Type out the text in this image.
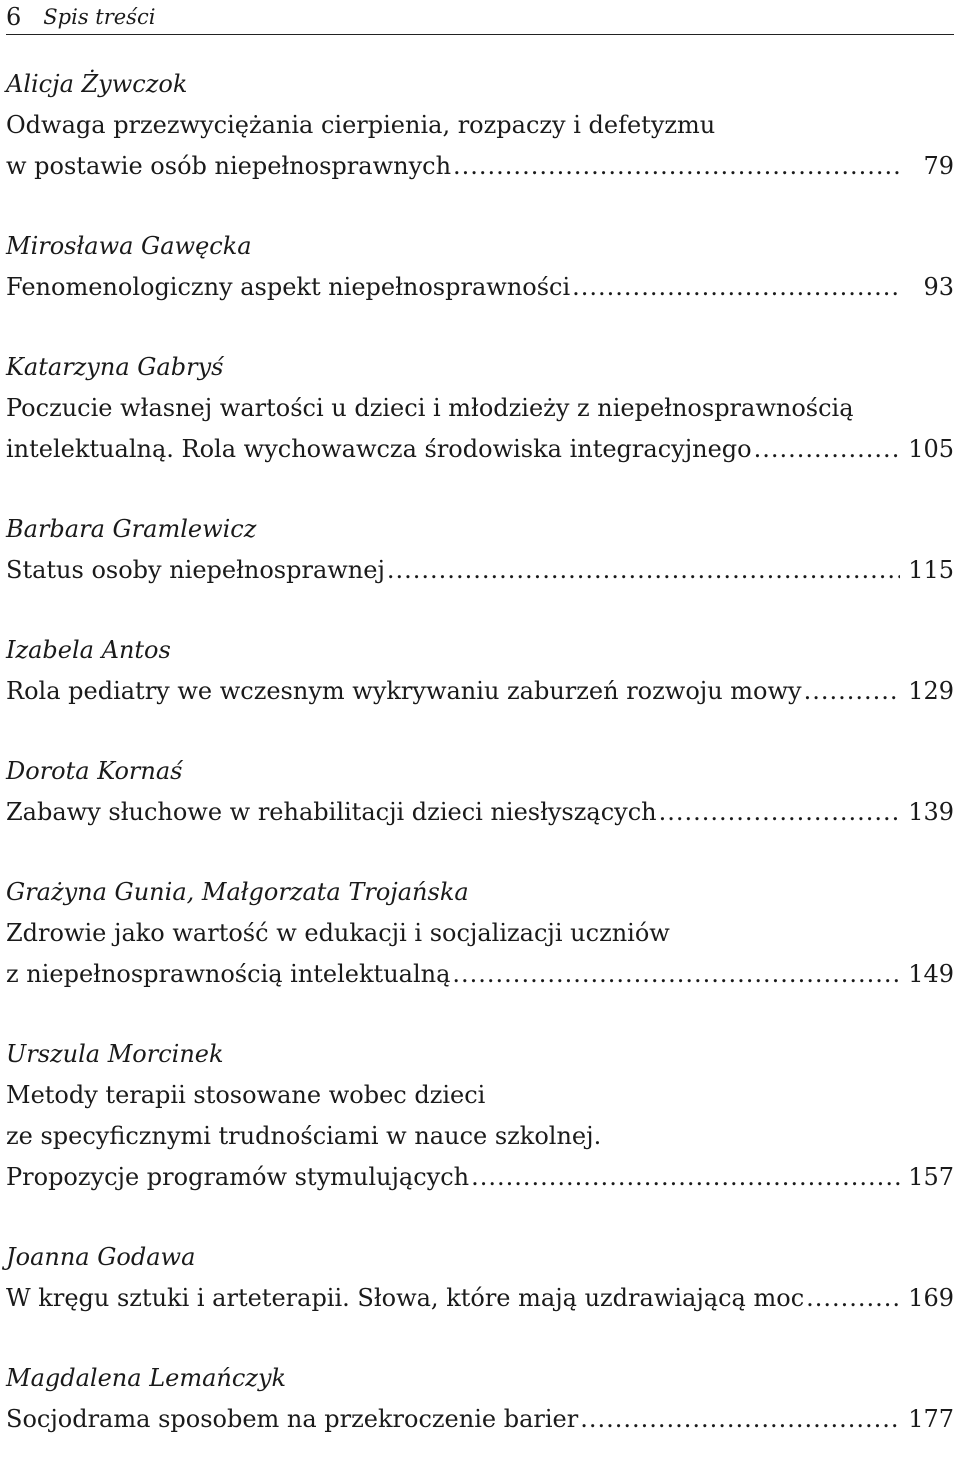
6 Spis treści
Alicja Żywczok
Odwaga przezwyciężania cierpienia, rozpaczy i defetyzmu
w postawie osób niepełnosprawnych .....	79
Mirosława Gawęcka
Fenomenologiczny aspekt niepełnosprawności .....	93
Katarzyna Gabryś
Poczucie własnej wartości u dzieci i młodzieży z niepełnosprawnością
intelektualną. Rola wychowawcza środowiska integracyjnego .....	105
Barbara Gramlewicz
Status osoby niepełnosprawnej .....	115
Izabela Antos
Rola pediatry we wczesnym wykrywaniu zaburzeń rozwoju mowy .....	129
Dorota Kornaś
Zabawy słuchowe w rehabilitacji dzieci niesłyszących .....	139
Grażyna Gunia, Małgorzata Trojańska
Zdrowie jako wartość w edukacji i socjalizacji uczniów
z niepełnosprawnością intelektualną .....	149
Urszula Morcinek
Metody terapii stosowane wobec dzieci
ze specyficznymi trudnościami w nauce szkolnej.
Propozycje programów stymulujących .....	157
Joanna Godawa
W kręgu sztuki i arteterapii. Słowa, które mają uzdrawiającą moc .....	169
Magdalena Lemańczyk
Socjodrama sposobem na przekroczenie barier .....	177
